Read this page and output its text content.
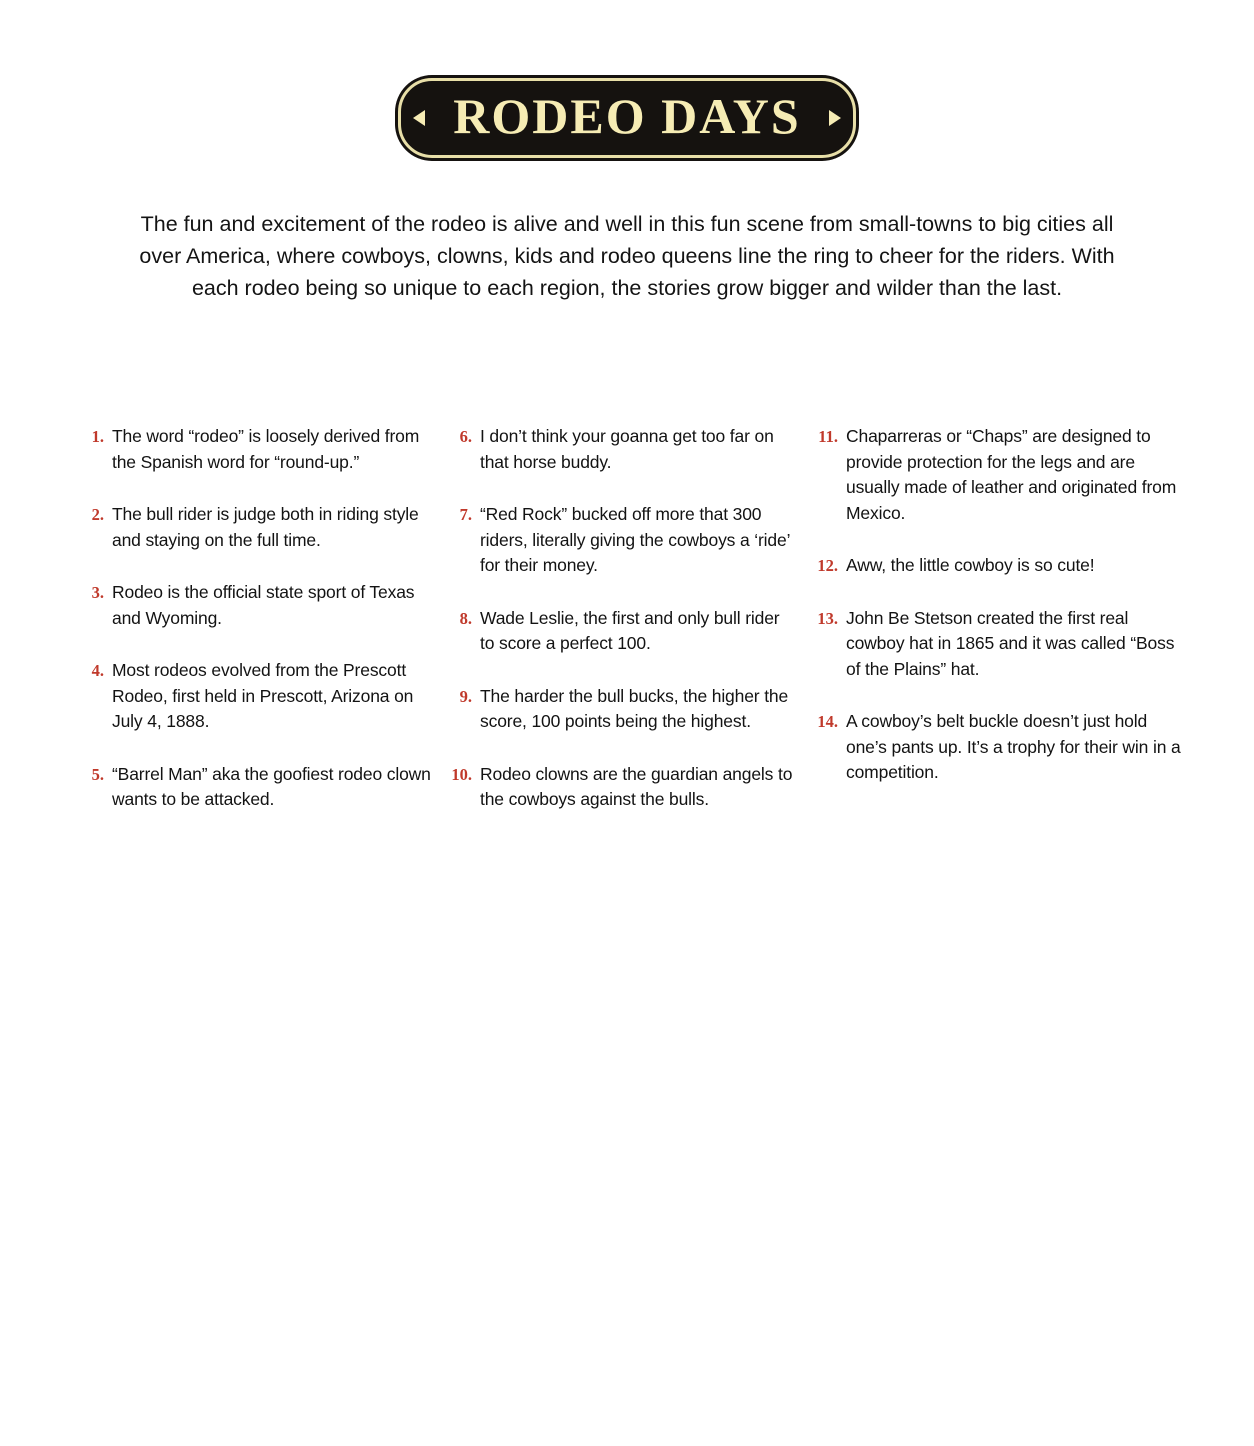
RODEO DAYS

The fun and excitement of the rodeo is alive and well in this fun scene from small-towns to big cities all over America, where cowboys, clowns, kids and rodeo queens line the ring to cheer for the riders. With each rodeo being so unique to each region, the stories grow bigger and wilder than the last.

1. The word “rodeo” is loosely derived from the Spanish word for “round-up.”
2. The bull rider is judge both in riding style and staying on the full time.
3. Rodeo is the official state sport of Texas and Wyoming.
4. Most rodeos evolved from the Prescott Rodeo, first held in Prescott, Arizona on July 4, 1888.
5. “Barrel Man” aka the goofiest rodeo clown wants to be attacked.
6. I don’t think your goanna get too far on that horse buddy.
7. “Red Rock” bucked off more that 300 riders, literally giving the cowboys a ‘ride’ for their money.
8. Wade Leslie, the first and only bull rider to score a perfect 100.
9. The harder the bull bucks, the higher the score, 100 points being the highest.
10. Rodeo clowns are the guardian angels to the cowboys against the bulls.
11. Chaparreras or “Chaps” are designed to provide protection for the legs and are usually made of leather and originated from Mexico.
12. Aww, the little cowboy is so cute!
13. John Be Stetson created the first real cowboy hat in 1865 and it was called “Boss of the Plains” hat.
14. A cowboy’s belt buckle doesn’t just hold one’s pants up. It’s a trophy for their win in a competition.
